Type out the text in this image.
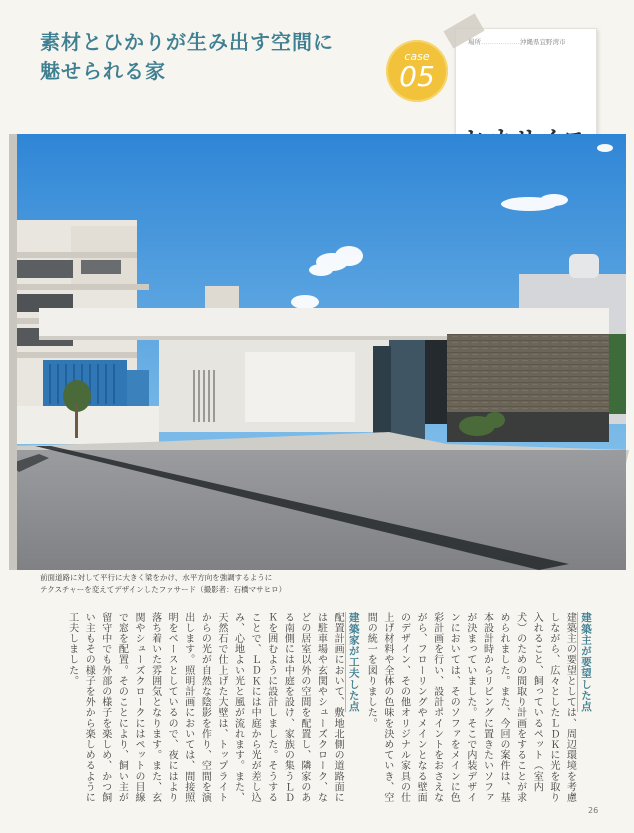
素材とひかりが生み出す空間に
魅せられる家
case
05
場所………………沖縄県宜野湾市

前面道路に対して平行に大きく梁をかけ、水平方向を強調するように
テクスチャーを変えてデザインしたファサード（撮影者：石橋マサヒロ）

建築主が要望した点

建築主の要望としては、周辺環境を考慮しながら、広々としたＬＤＫに光を取り入れること、飼っているペット（室内犬）のための間取り計画をすることが求められました。また、今回の案件は、基本設計時からリビングに置きたいソファが決まっていました。そこで内装デザインにおいては、そのソファをメインに色彩計画を行い、設計ポイントをおさえながら、フローリングやメインとなる壁面のデザイン、その他オリジナル家具の仕上げ材料や全体の色味を決めていき、空間の統一を図りました。

建築家が工夫した点

配置計画において、敷地北側の道路面には駐車場や玄関やシューズクローク、などの居室以外の空間を配置し、隣家のある南側には中庭を設け、家族の集うＬＤＫを囲むように設計しました。そうすることで、ＬＤＫには中庭から光が差し込み、心地よい光と風が流れます。また、天然石で仕上げた大壁は、トップライトからの光が自然な陰影を作り、空間を演出します。照明計画においては、間接照明をベースとしているので、夜にはより落ち着いた雰囲気となります。また、玄関やシューズクロークにはペットの目線で窓を配置。そのことにより、飼い主が留守中でも外部の様子を楽しめ、かつ飼い主もその様子を外から楽しめるように工夫しました。

26
